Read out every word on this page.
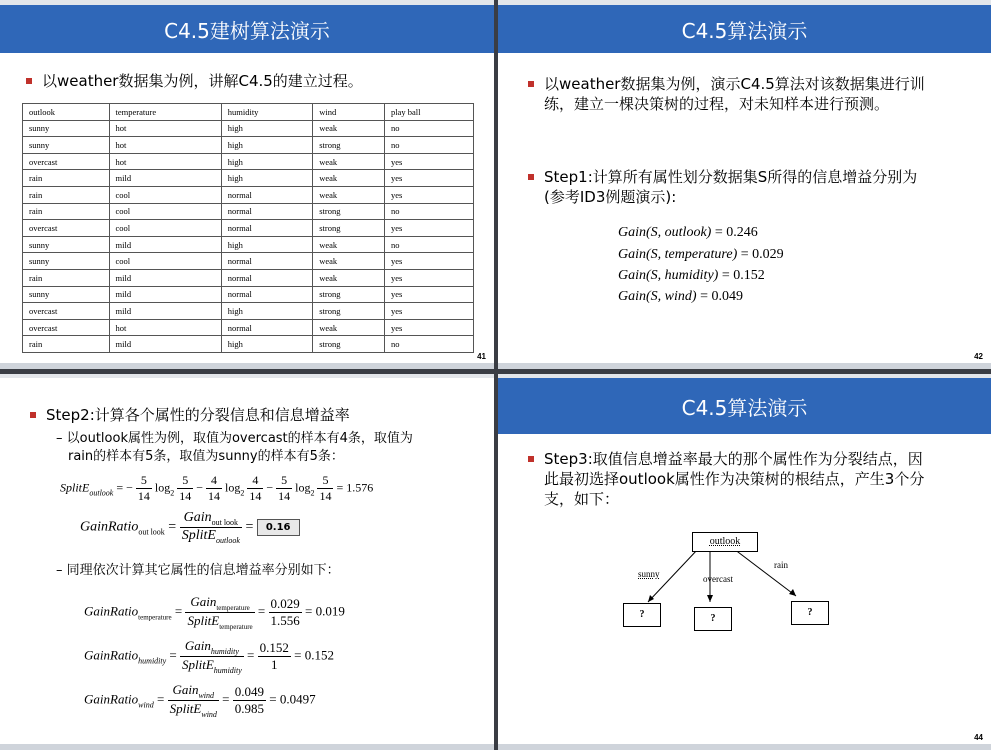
C4.5建树算法演示
以weather数据集为例，讲解C4.5的建立过程。
outlook	temperature	humidity	wind	play ball
sunny	hot	high	weak	no
sunny	hot	high	strong	no
overcast	hot	high	weak	yes
rain	mild	high	weak	yes
rain	cool	normal	weak	yes
rain	cool	normal	strong	no
overcast	cool	normal	strong	yes
sunny	mild	high	weak	no
sunny	cool	normal	weak	yes
rain	mild	normal	weak	yes
sunny	mild	normal	strong	yes
overcast	mild	high	strong	yes
overcast	hot	normal	weak	yes
rain	mild	high	strong	no
41
C4.5算法演示
以weather数据集为例，演示C4.5算法对该数据集进行训
练，建立一棵决策树的过程，对未知样本进行预测。
Step1:计算所有属性划分数据集S所得的信息增益分别为
(参考ID3例题演示):
Gain(S, outlook) = 0.246
Gain(S, temperature) = 0.029
Gain(S, humidity) = 0.152
Gain(S, wind) = 0.049
42
Step2:计算各个属性的分裂信息和信息增益率
– 以outlook属性为例，取值为overcast的样本有4条，取值为
rain的样本有5条，取值为sunny的样本有5条：
SplitE$_{outlook}$ = − $\frac{5}{14} \log_2 \frac{5}{14} - \frac{4}{14} \log_2 \frac{4}{14} - \frac{5}{14} \log_2 \frac{5}{14} = 1.576$
GainRatio$_{out look}$ = $\frac{Gain_{out look}}{SplitE_{outlook}} = 0.16$
– 同理依次计算其它属性的信息增益率分别如下：
GainRatio$_{temperature}$ = $\frac{Gain_{temperature}}{SplitE_{temperature}} = \frac{0.029}{1.556} = 0.019$
GainRatio$_{humidity}$ = $\frac{Gain_{humidity}}{SplitE_{humidity}} = \frac{0.152}{1} = 0.152$
GainRatio$_{wind}$ = $\frac{Gain_{wind}}{SplitE_{wind}} = \frac{0.049}{0.985} = 0.0497$
C4.5算法演示
Step3:取值信息增益率最大的那个属性作为分裂结点，因
此最初选择outlook属性作为决策树的根结点，产生3个分
支，如下：
outlook
sunny	overcast
rain
?	?
?
44
